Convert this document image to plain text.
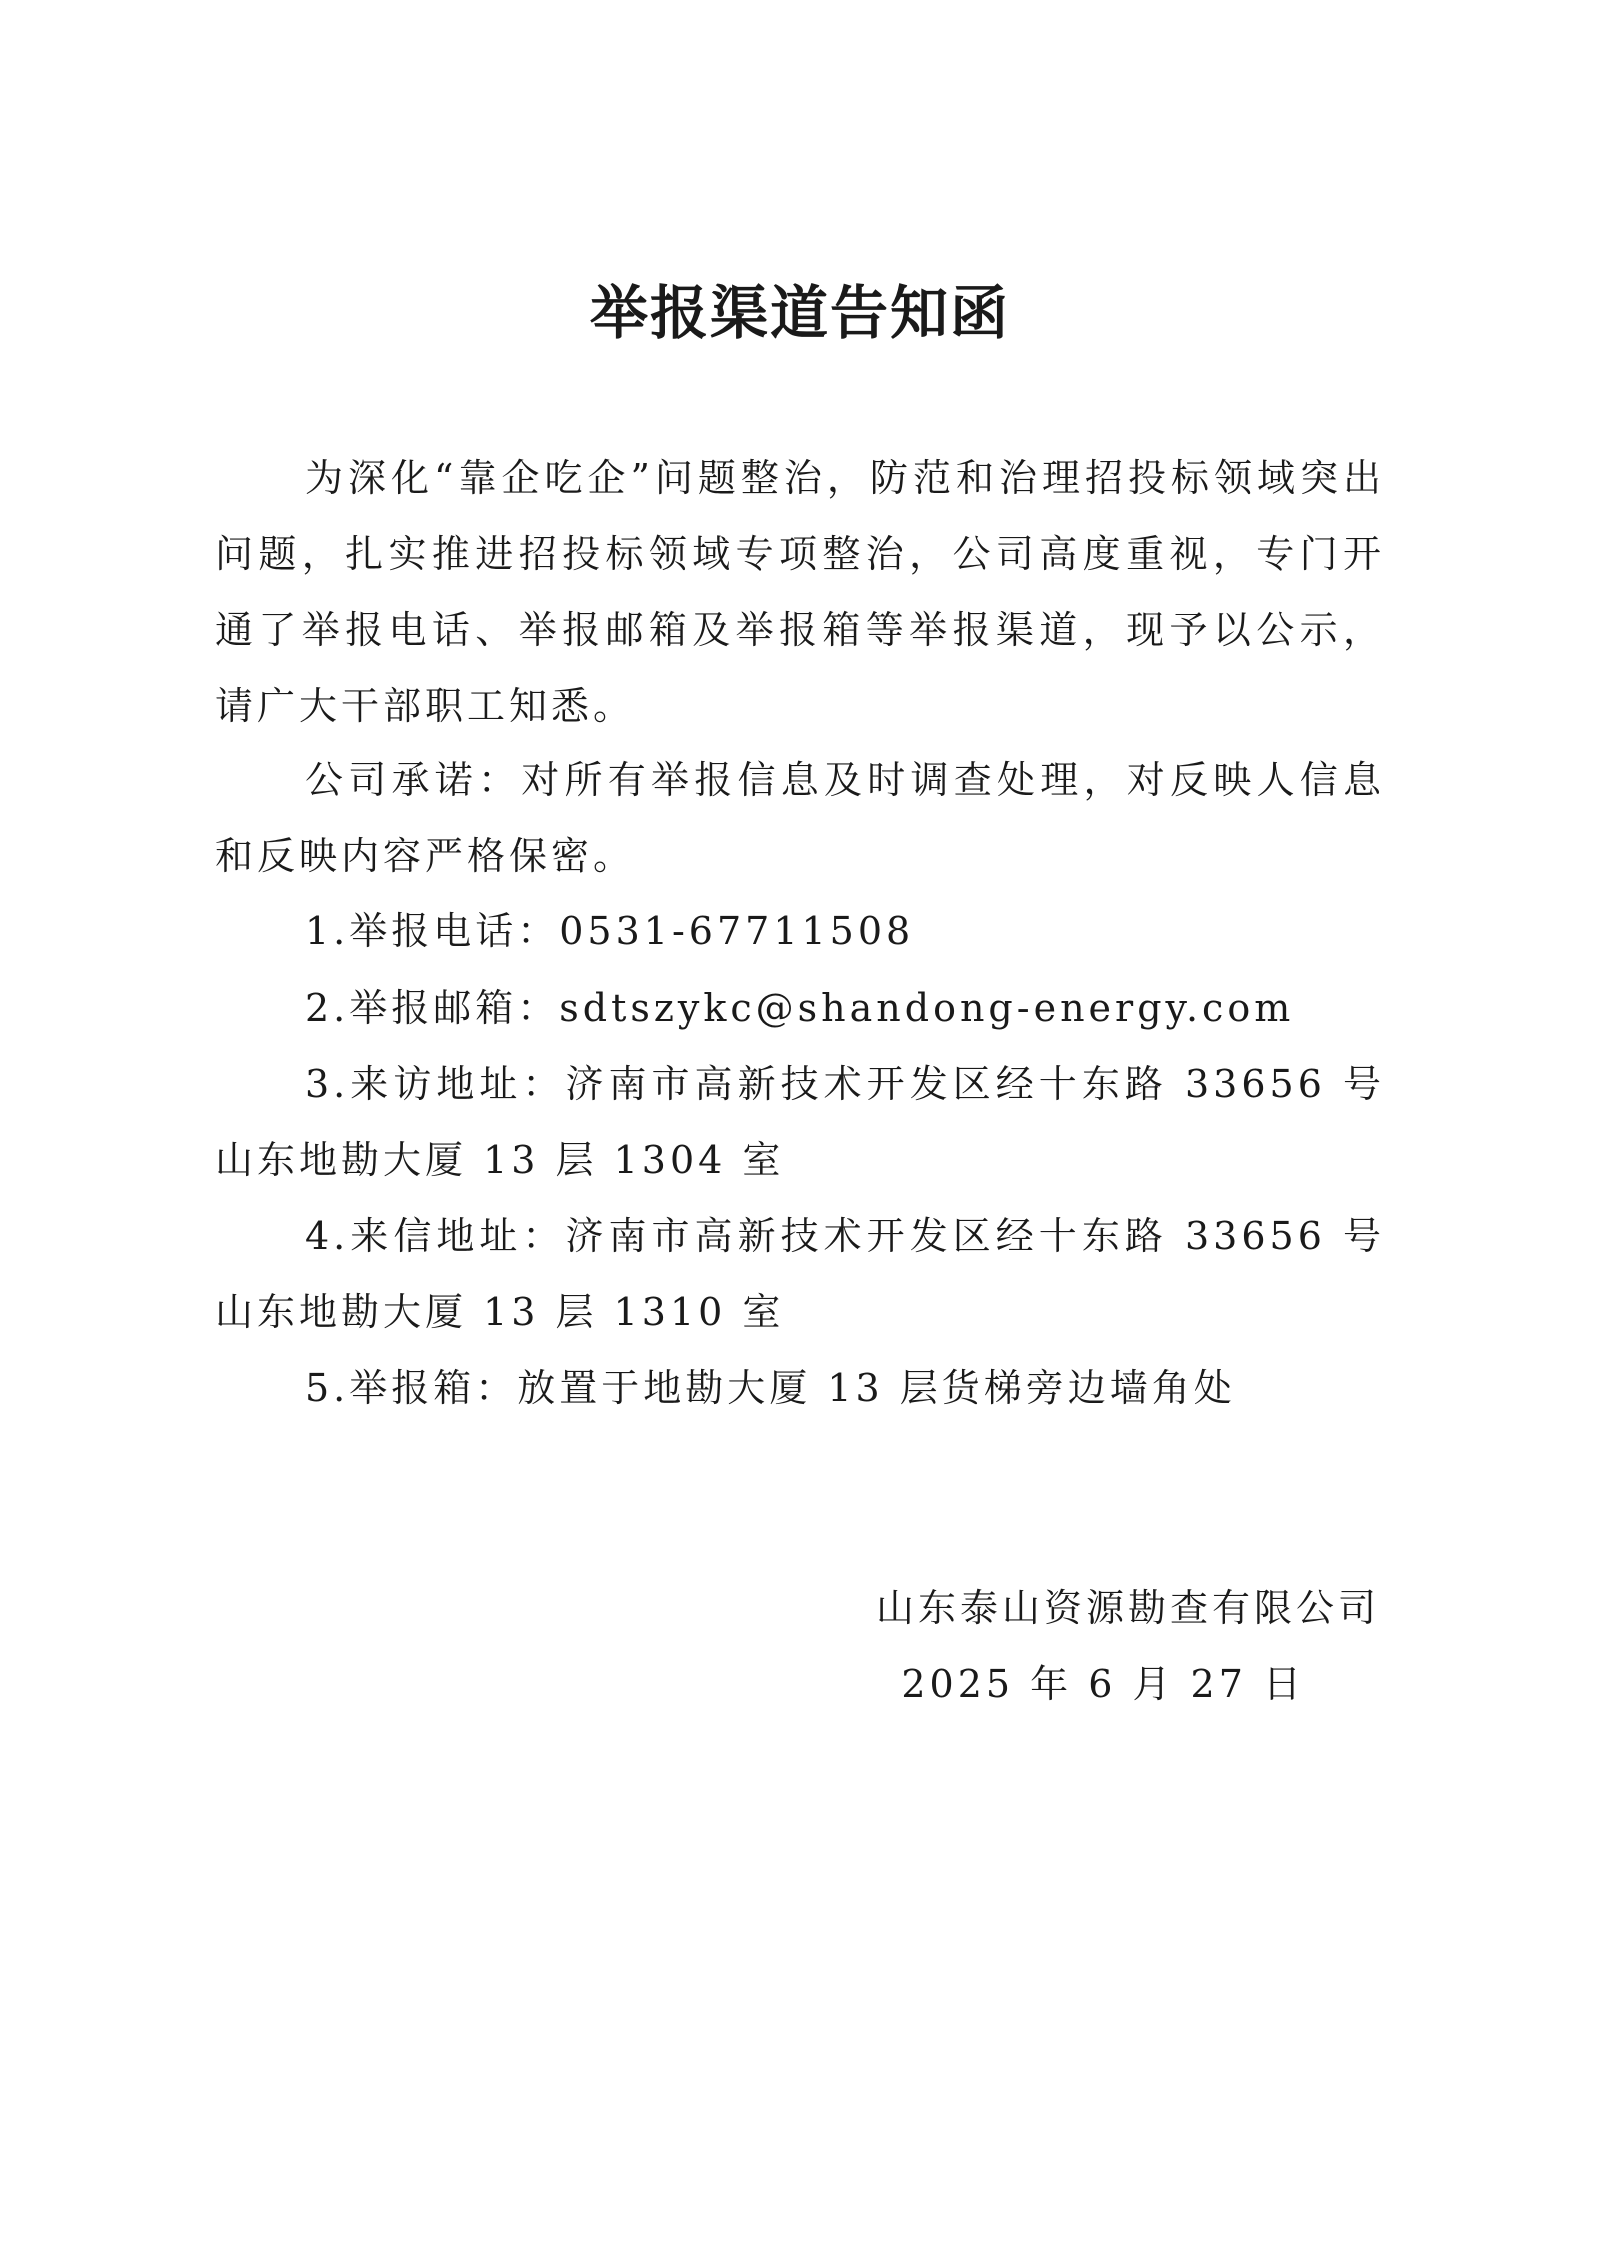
举报渠道告知函
为深化“靠企吃企”问题整治，防范和治理招投标领域突出问题，扎实推进招投标领域专项整治，公司高度重视，专门开通了举报电话、举报邮箱及举报箱等举报渠道，现予以公示，请广大干部职工知悉。
公司承诺：对所有举报信息及时调查处理，对反映人信息和反映内容严格保密。
1.举报电话：0531-67711508
2.举报邮箱：sdtszykc@shandong-energy.com
3.来访地址：济南市高新技术开发区经十东路 33656 号山东地勘大厦 13 层 1304 室
4.来信地址：济南市高新技术开发区经十东路 33656 号山东地勘大厦 13 层 1310 室
5.举报箱：放置于地勘大厦 13 层货梯旁边墙角处
山东泰山资源勘查有限公司
2025 年 6 月 27 日
